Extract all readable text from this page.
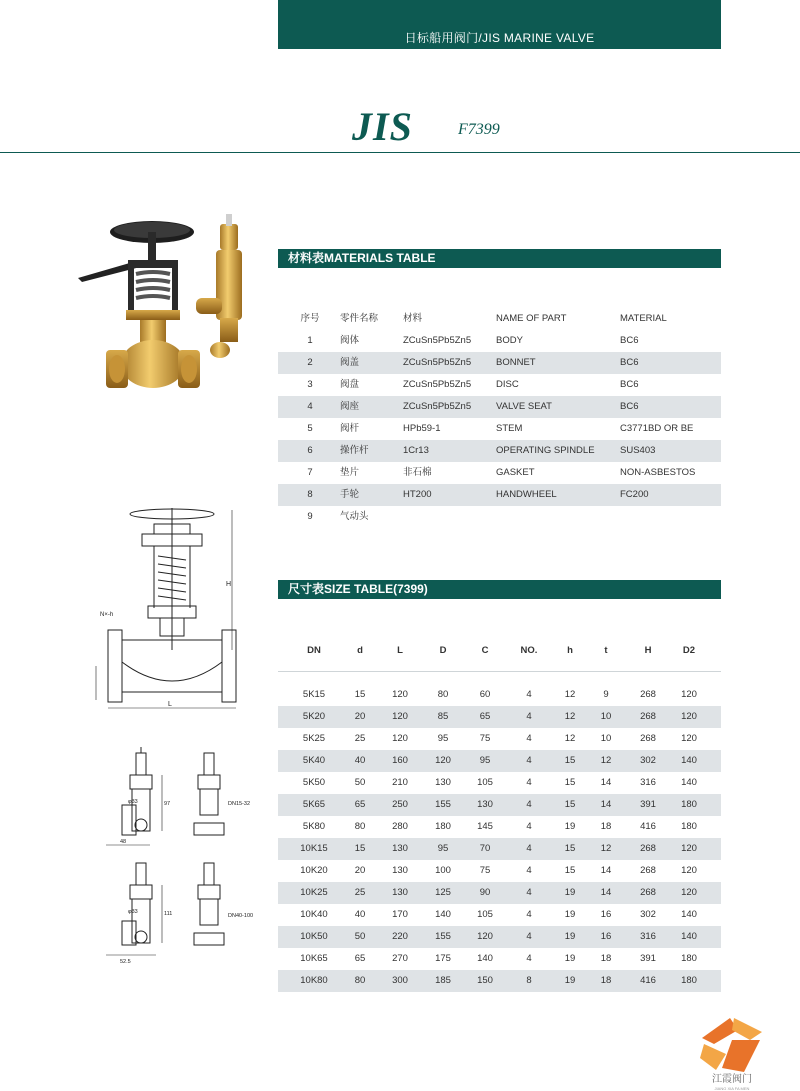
日标船用阀门/JIS MARINE VALVE
JIS	F7399
N×-h
H
L
φ33
φ33
DN15-32
DN40-100
48
52.5
97
111
材料表MATERIALS TABLE
序号 零件名称	材料	NAME OF PART	MATERIAL
1	阀体	ZCuSn5Pb5Zn5	BODY	BC6
2	阀盖	ZCuSn5Pb5Zn5	BONNET	BC6
3	阀盘	ZCuSn5Pb5Zn5	DISC	BC6
4	阀座	ZCuSn5Pb5Zn5	VALVE SEAT	BC6
5	阀杆	HPb59-1	STEM	C3771BD OR BE
6	操作杆	1Cr13	OPERATING SPINDLE	SUS403
7	垫片	非石棉	GASKET	NON-ASBESTOS
8	手轮	HT200	HANDWHEEL	FC200
9	气动头
尺寸表SIZE TABLE(7399)
DN	d	L	D	C	NO.	h	t	H	D2
5K15	15	120	80	60	4	12	9	268	120
5K20	20	120	85	65	4	12	10	268	120
5K25	25	120	95	75	4	12	10	268	120
5K40	40	160	120	95	4	15	12	302	140
5K50	50	210	130	105	4	15	14	316	140
5K65	65	250	155	130	4	15	14	391	180
5K80	80	280	180	145	4	19	18	416	180
10K15	15	130	95	70	4	15	12	268	120
10K20	20	130	100	75	4	15	14	268	120
10K25	25	130	125	90	4	19	14	268	120
10K40	40	170	140	105	4	19	16	302	140
10K50	50	220	155	120	4	19	16	316	140
10K65	65	270	175	140	4	19	18	391	180
10K80	80	300	185	150	8	19	18	416	180
江霞阀门
JIANG XIA FA MEN
